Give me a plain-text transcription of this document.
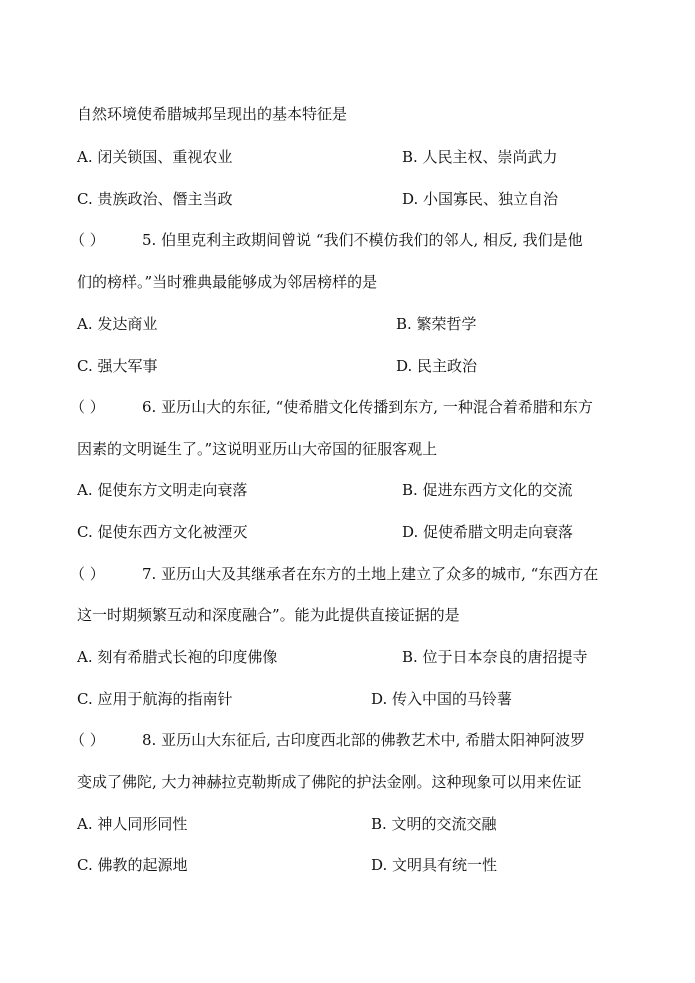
自然环境使希腊城邦呈现出的基本特征是
A. 闭关锁国、重视农业	B. 人民主权、崇尚武力
C. 贵族政治、僭主当政	D. 小国寡民、独立自治
（ ） 5. 伯里克利主政期间曾说 “我们不模仿我们的邻人, 相反, 我们是他
们的榜样。”当时雅典最能够成为邻居榜样的是
A. 发达商业	B. 繁荣哲学
C. 强大军事	D. 民主政治
（ ） 6. 亚历山大的东征, “使希腊文化传播到东方, 一种混合着希腊和东方
因素的文明诞生了。”这说明亚历山大帝国的征服客观上
A. 促使东方文明走向衰落	B. 促进东西方文化的交流
C. 促使东西方文化被湮灭	D. 促使希腊文明走向衰落
（ ） 7. 亚历山大及其继承者在东方的土地上建立了众多的城市, “东西方在
这一时期频繁互动和深度融合”。能为此提供直接证据的是
A. 刻有希腊式长袍的印度佛像	B. 位于日本奈良的唐招提寺
C. 应用于航海的指南针	D. 传入中国的马铃薯
（ ） 8. 亚历山大东征后, 古印度西北部的佛教艺术中, 希腊太阳神阿波罗
变成了佛陀, 大力神赫拉克勒斯成了佛陀的护法金刚。这种现象可以用来佐证
A. 神人同形同性	B. 文明的交流交融
C. 佛教的起源地	D. 文明具有统一性
